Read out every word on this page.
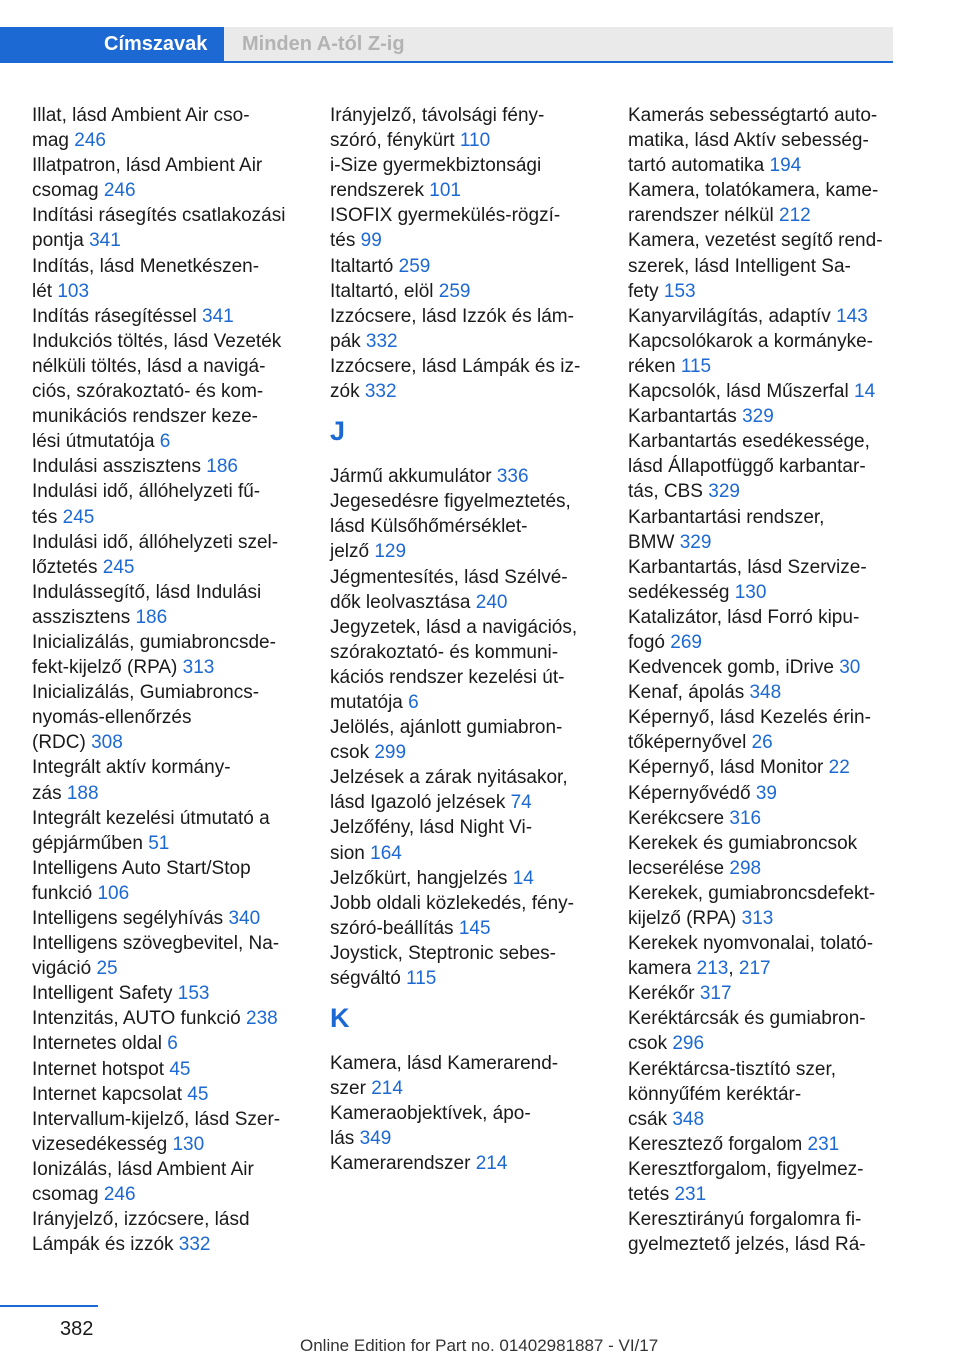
Címszavak	Minden A-tól Z-ig
Illat, lásd Ambient Air cso‐
mag 246
Illatpatron, lásd Ambient Air
csomag 246
Indítási rásegítés csatlakozási
pontja 341
Indítás, lásd Menetkészen‐
lét 103
Indítás rásegítéssel 341
Indukciós töltés, lásd Vezeték
nélküli töltés, lásd a navigá‐
ciós, szórakoztató- és kom‐
munikációs rendszer keze‐
lési útmutatója 6
Indulási asszisztens 186
Indulási idő, állóhelyzeti fű‐
tés 245
Indulási idő, állóhelyzeti szel‐
lőztetés 245
Indulássegítő, lásd Indulási
asszisztens 186
Inicializálás, gumiabroncsde‐
fekt-kijelző (RPA) 313
Inicializálás, Gumiabroncs‐
nyomás-ellenőrzés
(RDC) 308
Integrált aktív kormány‐
zás 188
Integrált kezelési útmutató a
gépjárműben 51
Intelligens Auto Start/Stop
funkció 106
Intelligens segélyhívás 340
Intelligens szövegbevitel, Na‐
vigáció 25
Intelligent Safety 153
Intenzitás, AUTO funkció 238
Internetes oldal 6
Internet hotspot 45
Internet kapcsolat 45
Intervallum-kijelző, lásd Szer‐
vizesedékesség 130
Ionizálás, lásd Ambient Air
csomag 246
Irányjelző, izzócsere, lásd
Lámpák és izzók 332
Irányjelző, távolsági fény‐
szóró, fénykürt 110
i-Size gyermekbiztonsági
rendszerek 101
ISOFIX gyermekülés-rögzí‐
tés 99
Italtartó 259
Italtartó, elöl 259
Izzócsere, lásd Izzók és lám‐
pák 332
Izzócsere, lásd Lámpák és iz‐
zók 332
J
Jármű akkumulátor 336
Jegesedésre figyelmeztetés,
lásd Külsőhőmérséklet-
jelző 129
Jégmentesítés, lásd Szélvé‐
dők leolvasztása 240
Jegyzetek, lásd a navigációs,
szórakoztató- és kommuni‐
kációs rendszer kezelési út‐
mutatója 6
Jelölés, ajánlott gumiabron‐
csok 299
Jelzések a zárak nyitásakor,
lásd Igazoló jelzések 74
Jelzőfény, lásd Night Vi‐
sion 164
Jelzőkürt, hangjelzés 14
Jobb oldali közlekedés, fény‐
szóró-beállítás 145
Joystick, Steptronic sebes‐
ségváltó 115
K
Kamera, lásd Kamerarend‐
szer 214
Kameraobjektívek, ápo‐
lás 349
Kamerarendszer 214
Kamerás sebességtartó auto‐
matika, lásd Aktív sebesség‐
tartó automatika 194
Kamera, tolatókamera, kame‐
rarendszer nélkül 212
Kamera, vezetést segítő rend‐
szerek, lásd Intelligent Sa‐
fety 153
Kanyarvilágítás, adaptív 143
Kapcsolókarok a kormányke‐
réken 115
Kapcsolók, lásd Műszerfal 14
Karbantartás 329
Karbantartás esedékessége,
lásd Állapotfüggő karbantar‐
tás, CBS 329
Karbantartási rendszer,
BMW 329
Karbantartás, lásd Szervize‐
sedékesség 130
Katalizátor, lásd Forró kipu‐
fogó 269
Kedvencek gomb, iDrive 30
Kenaf, ápolás 348
Képernyő, lásd Kezelés érin‐
tőképernyővel 26
Képernyő, lásd Monitor 22
Képernyővédő 39
Kerékcsere 316
Kerekek és gumiabroncsok
lecserélése 298
Kerekek, gumiabroncsdefekt-
kijelző (RPA) 313
Kerekek nyomvonalai, tolató‐
kamera 213, 217
Kerékőr 317
Keréktárcsák és gumiabron‐
csok 296
Keréktárcsa-tisztító szer,
könnyűfém keréktár‐
csák 348
Keresztező forgalom 231
Keresztforgalom, figyelmez‐
tetés 231
Keresztirányú forgalomra fi‐
gyelmeztető jelzés, lásd Rá‐
382
Online Edition for Part no. 01402981887 - VI/17
